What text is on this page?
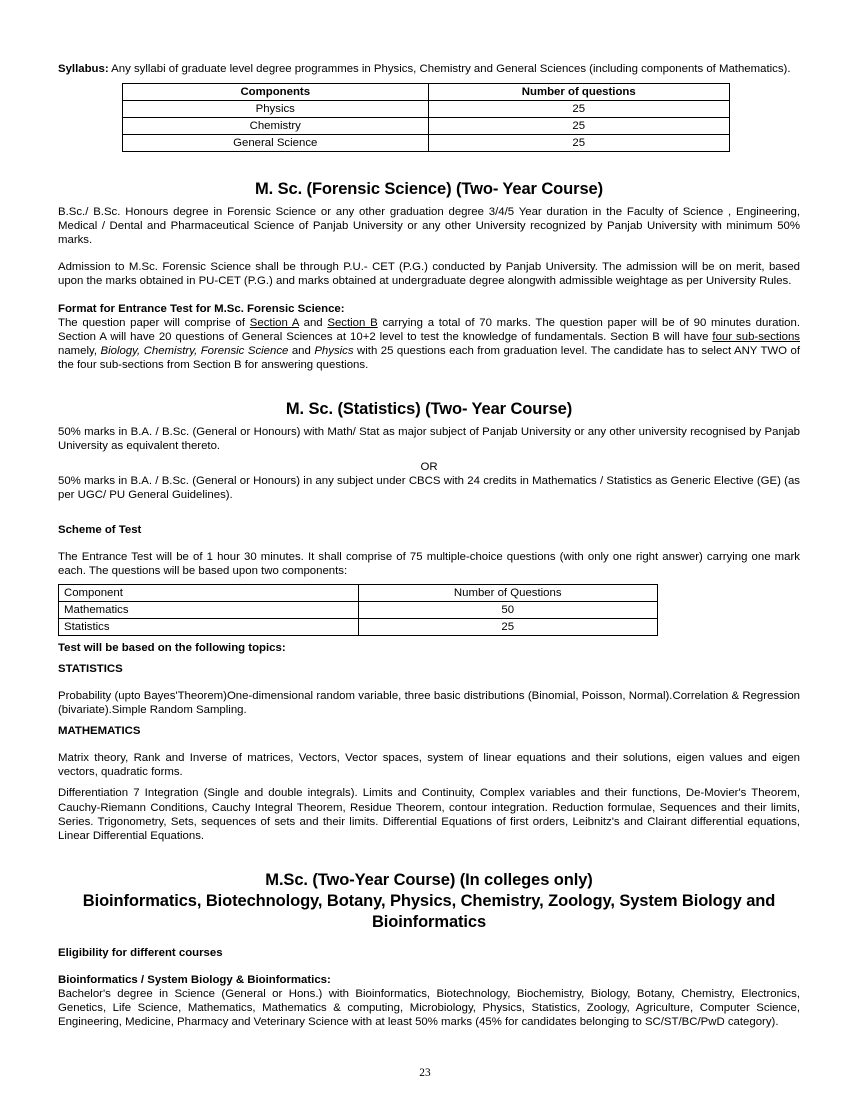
Syllabus: Any syllabi of graduate level degree programmes in Physics, Chemistry and General Sciences (including components of Mathematics).

Components	Number of questions
Physics	25
Chemistry	25
General Science	25
M. Sc. (Forensic Science) (Two- Year Course)

B.Sc./ B.Sc. Honours degree in Forensic Science or any other graduation degree 3/4/5 Year duration in the Faculty of Science , Engineering, Medical / Dental and Pharmaceutical Science of Panjab University or any other University recognized by Panjab University with minimum 50% marks.

Admission to M.Sc. Forensic Science shall be through P.U.- CET (P.G.) conducted by Panjab University. The admission will be on merit, based upon the marks obtained in PU-CET (P.G.) and marks obtained at undergraduate degree alongwith admissible weightage as per University Rules.

Format for Entrance Test for M.Sc. Forensic Science:

The question paper will comprise of Section A and Section B carrying a total of 70 marks. The question paper will be of 90 minutes duration. Section A will have 20 questions of General Sciences at 10+2 level to test the knowledge of fundamentals. Section B will have four sub-sections namely, Biology, Chemistry, Forensic Science and Physics with 25 questions each from graduation level. The candidate has to select ANY TWO of the four sub-sections from Section B for answering questions.

M. Sc. (Statistics) (Two- Year Course)

50% marks in B.A. / B.Sc. (General or Honours) with Math/ Stat as major subject of Panjab University or any other university recognised by Panjab University as equivalent thereto.

OR

50% marks in B.A. / B.Sc. (General or Honours) in any subject under CBCS with 24 credits in Mathematics / Statistics as Generic Elective (GE) (as per UGC/ PU General Guidelines).

Scheme of Test

The Entrance Test will be of 1 hour 30 minutes. It shall comprise of 75 multiple-choice questions (with only one right answer) carrying one mark each. The questions will be based upon two components:

Component	Number of Questions
Mathematics	50
Statistics	25
Test will be based on the following topics:
STATISTICS

Probability (upto Bayes'Theorem)One-dimensional random variable, three basic distributions (Binomial, Poisson, Normal).Correlation & Regression (bivariate).Simple Random Sampling.

MATHEMATICS

Matrix theory, Rank and Inverse of matrices, Vectors, Vector spaces, system of linear equations and their solutions, eigen values and eigen vectors, quadratic forms.

Differentiation 7 Integration (Single and double integrals). Limits and Continuity, Complex variables and their functions, De-Movier's Theorem, Cauchy-Riemann Conditions, Cauchy Integral Theorem, Residue Theorem, contour integration. Reduction formulae, Sequences and their limits, Series. Trigonometry, Sets, sequences of sets and their limits. Differential Equations of first orders, Leibnitz's and Clairant differential equations, Linear Differential Equations.

M.Sc. (Two-Year Course) (In colleges only)
Bioinformatics, Biotechnology, Botany, Physics, Chemistry, Zoology, System Biology and
Bioinformatics
Eligibility for different courses
Bioinformatics / System Biology & Bioinformatics:

Bachelor's degree in Science (General or Hons.) with Bioinformatics, Biotechnology, Biochemistry, Biology, Botany, Chemistry, Electronics, Genetics, Life Science, Mathematics, Mathematics & computing, Microbiology, Physics, Statistics, Zoology, Agriculture, Computer Science, Engineering, Medicine, Pharmacy and Veterinary Science with at least 50% marks (45% for candidates belonging to SC/ST/BC/PwD category).

23
